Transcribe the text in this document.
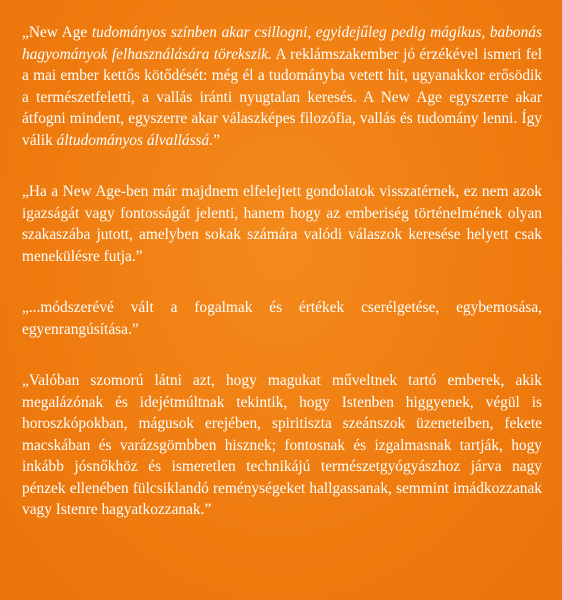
„New Age tudományos színben akar csillogni, egyidejűleg pedig mágikus, babonás hagyományok felhasználására törekszik. A reklámszakember jó érzékével ismeri fel a mai ember kettős kötődését: még él a tudományba vetett hit, ugyanakkor erősödik a természetfeletti, a vallás iránti nyugtalan keresés. A New Age egyszerre akar átfogni mindent, egyszerre akar válaszképes filozófia, vallás és tudomány lenni. Így válik áltudományos álvallássá.”

„Ha a New Age-ben már majdnem elfelejtett gondolatok visszatérnek, ez nem azok igazságát vagy fontosságát jelenti, hanem hogy az emberiség történelmének olyan szakaszába jutott, amelyben sokak számára valódi válaszok keresése helyett csak menekülésre futja.”

„...módszerévé vált a fogalmak és értékek cserélgetése, egybemosása, egyenrangúsítása.”

„Valóban szomorú látni azt, hogy magukat műveltnek tartó emberek, akik megalázónak és idejétmúltnak tekintik, hogy Istenben higgyenek, végül is horoszkópokban, mágusok erejében, spiritiszta szeánszok üzeneteiben, fekete macskában és varázsgömbben hisznek; fontosnak és izgalmasnak tartják, hogy inkább jósnőkhöz és ismeretlen technikájú természetgyógyászhoz járva nagy pénzek ellenében fülcsiklandó reménységeket hallgassanak, semmint imádkozzanak vagy Istenre hagyatkozzanak.”
